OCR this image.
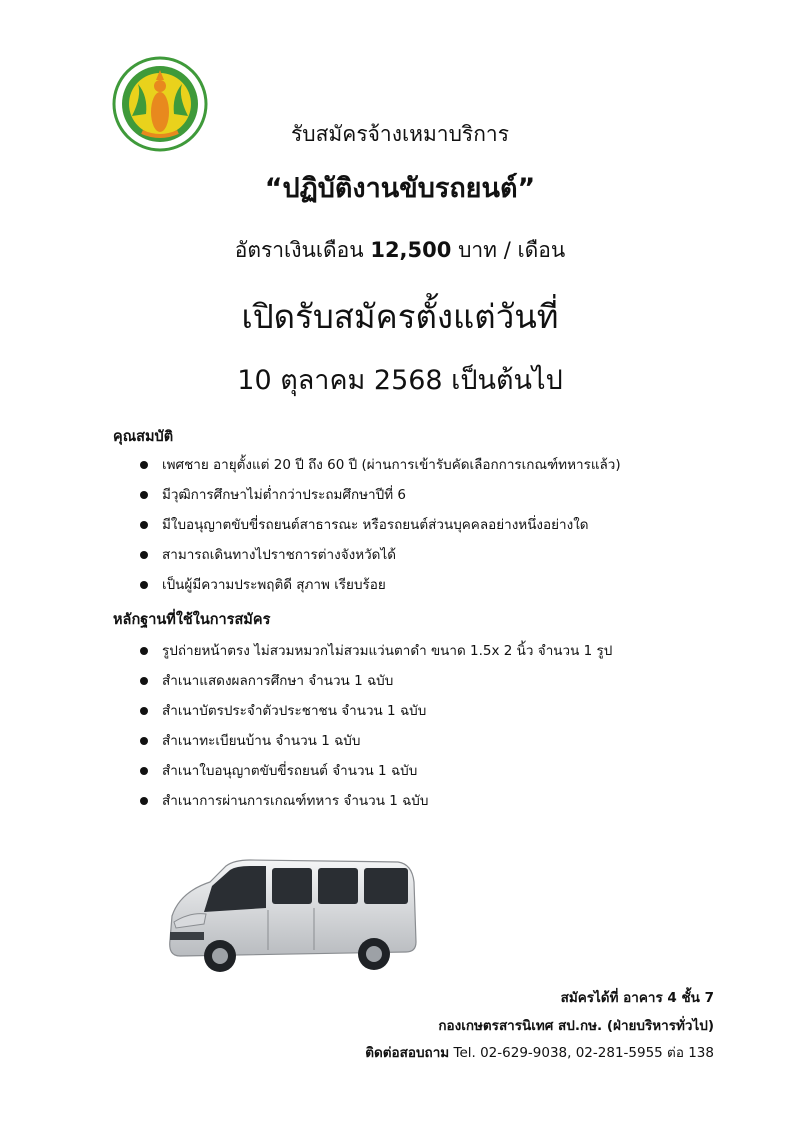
รับสมัครจ้างเหมาบริการ
“ปฏิบัติงานขับรถยนต์”
อัตราเงินเดือน 12,500 บาท / เดือน
เปิดรับสมัครตั้งแต่วันที่
10 ตุลาคม 2568 เป็นต้นไป
คุณสมบัติ
เพศชาย อายุตั้งแต่ 20 ปี ถึง 60 ปี (ผ่านการเข้ารับคัดเลือกการเกณฑ์ทหารแล้ว)
มีวุฒิการศึกษาไม่ต่ำกว่าประถมศึกษาปีที่ 6
มีใบอนุญาตขับขี่รถยนต์สาธารณะ หรือรถยนต์ส่วนบุคคลอย่างหนึ่งอย่างใด
สามารถเดินทางไปราชการต่างจังหวัดได้
เป็นผู้มีความประพฤติดี สุภาพ เรียบร้อย
หลักฐานที่ใช้ในการสมัคร
รูปถ่ายหน้าตรง ไม่สวมหมวกไม่สวมแว่นตาดำ ขนาด 1.5x 2 นิ้ว จำนวน 1 รูป
สำเนาแสดงผลการศึกษา จำนวน 1 ฉบับ
สำเนาบัตรประจำตัวประชาชน จำนวน 1 ฉบับ
สำเนาทะเบียนบ้าน จำนวน 1 ฉบับ
สำเนาใบอนุญาตขับขี่รถยนต์ จำนวน 1 ฉบับ
สำเนาการผ่านการเกณฑ์ทหาร จำนวน 1 ฉบับ
สมัครได้ที่ อาคาร 4 ชั้น 7
กองเกษตรสารนิเทศ สป.กษ. (ฝ่ายบริหารทั่วไป)
ติดต่อสอบถาม Tel. 02-629-9038, 02-281-5955 ต่อ 138
